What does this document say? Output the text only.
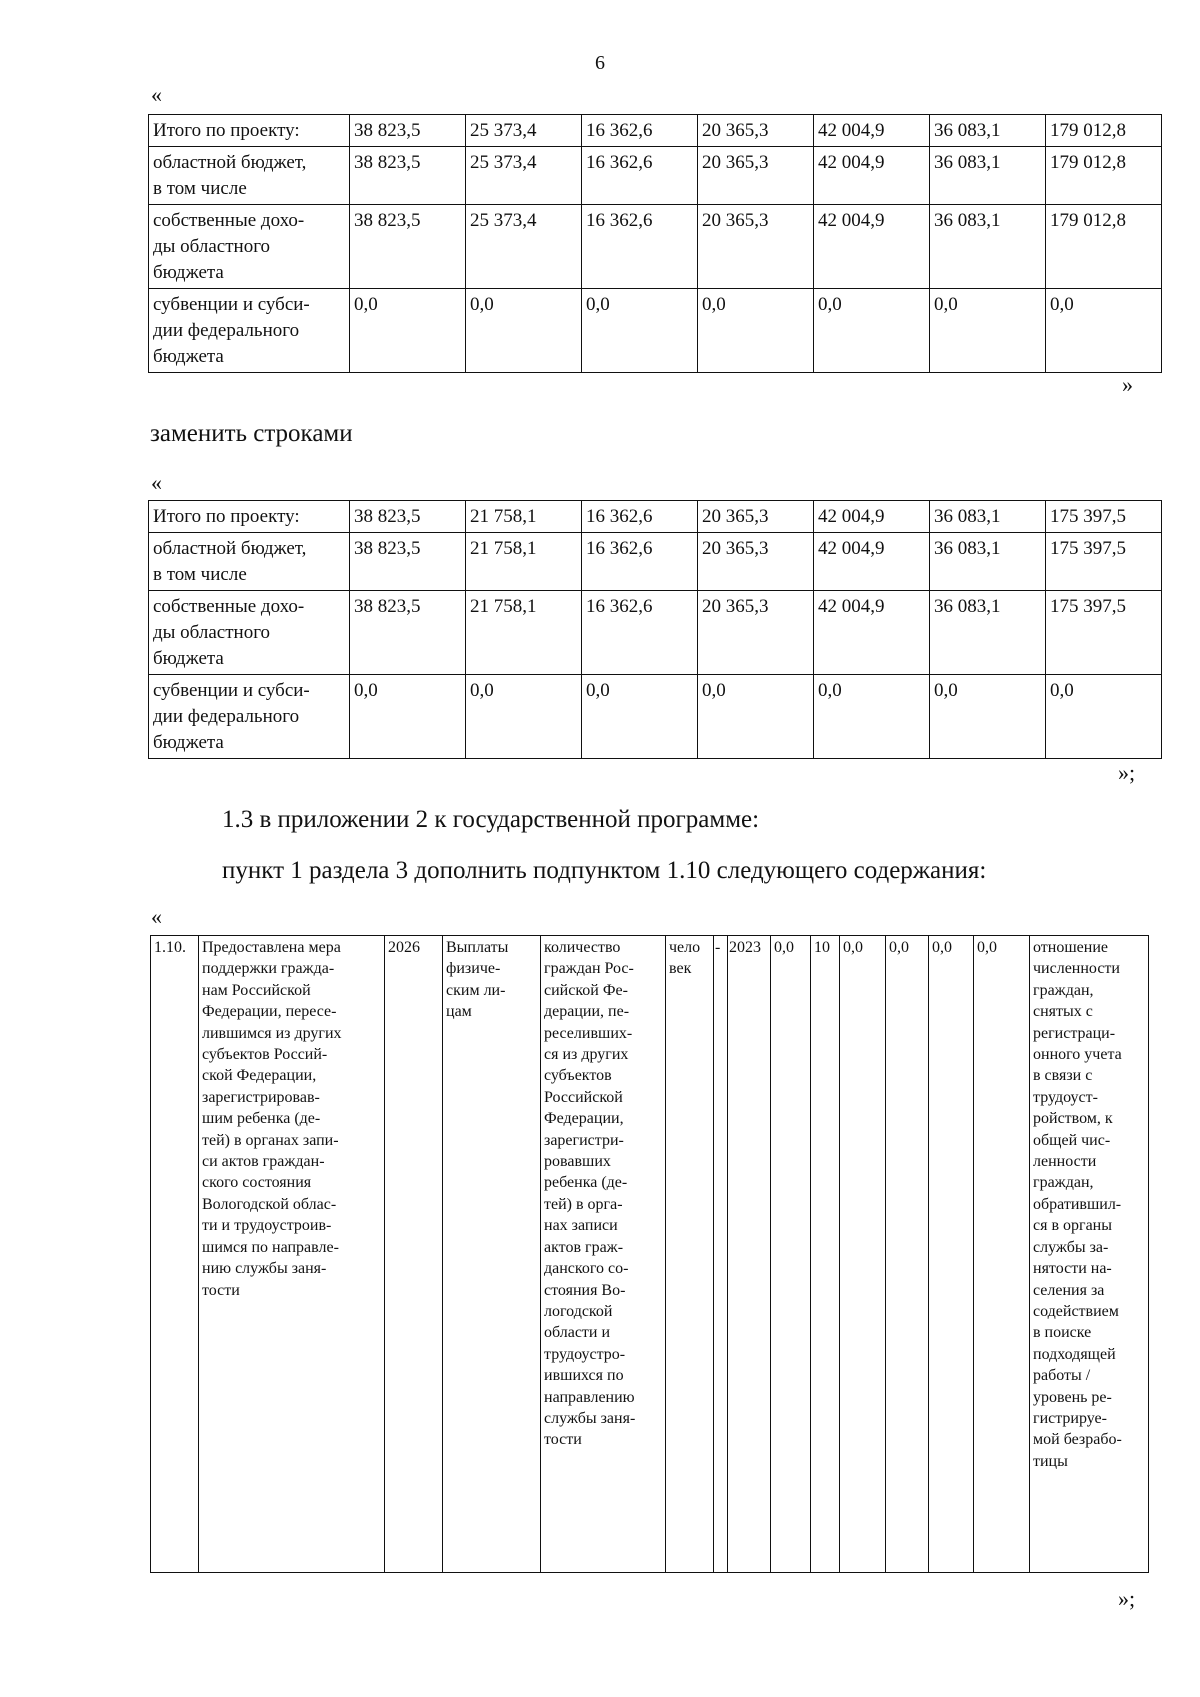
6
«
Итого по проекту:	38 823,5	25 373,4	16 362,6	20 365,3	42 004,9	36 083,1	179 012,8
областной бюджет,
в том числе	38 823,5	25 373,4	16 362,6	20 365,3	42 004,9	36 083,1	179 012,8
собственные дохо-
ды областного
бюджета	38 823,5	25 373,4	16 362,6	20 365,3	42 004,9	36 083,1	179 012,8
субвенции и субси-
дии федерального
бюджета	0,0	0,0	0,0	0,0	0,0	0,0	0,0
»
заменить строками
«
Итого по проекту:	38 823,5	21 758,1	16 362,6	20 365,3	42 004,9	36 083,1	175 397,5
областной бюджет,
в том числе	38 823,5	21 758,1	16 362,6	20 365,3	42 004,9	36 083,1	175 397,5
собственные дохо-
ды областного
бюджета	38 823,5	21 758,1	16 362,6	20 365,3	42 004,9	36 083,1	175 397,5
субвенции и субси-
дии федерального
бюджета	0,0	0,0	0,0	0,0	0,0	0,0	0,0
»;
1.3 в приложении 2 к государственной программе:
пункт 1 раздела 3 дополнить подпунктом 1.10 следующего содержания:
«
1.10.	Предоставлена мера
поддержки гражда-
нам Российской
Федерации, пересе-
лившимся из других
субъектов Россий-
ской Федерации,
зарегистрировав-
шим ребенка (де-
тей) в органах запи-
си актов граждан-
ского состояния
Вологодской облас-
ти и трудоустроив-
шимся по направле-
нию службы заня-
тости	2026	Выплаты
физиче-
ским ли-
цам	количество
граждан Рос-
сийской Фе-
дерации, пе-
реселивших-
ся из других
субъектов
Российской
Федерации,
зарегистри-
ровавших
ребенка (де-
тей) в орга-
нах записи
актов граж-
данского со-
стояния Во-
логодской
области и
трудоустро-
ившихся по
направлению
службы заня-
тости	чело
век	-	2023	0,0	10	0,0	0,0	0,0	0,0	отношение
численности
граждан,
снятых с
регистраци-
онного учета
в связи с
трудоуст-
ройством, к
общей чис-
ленности
граждан,
обратившил-
ся в органы
службы за-
нятости на-
селения за
содействием
в поиске
подходящей
работы /
уровень ре-
гистрируе-
мой безрабо-
тицы
»;
